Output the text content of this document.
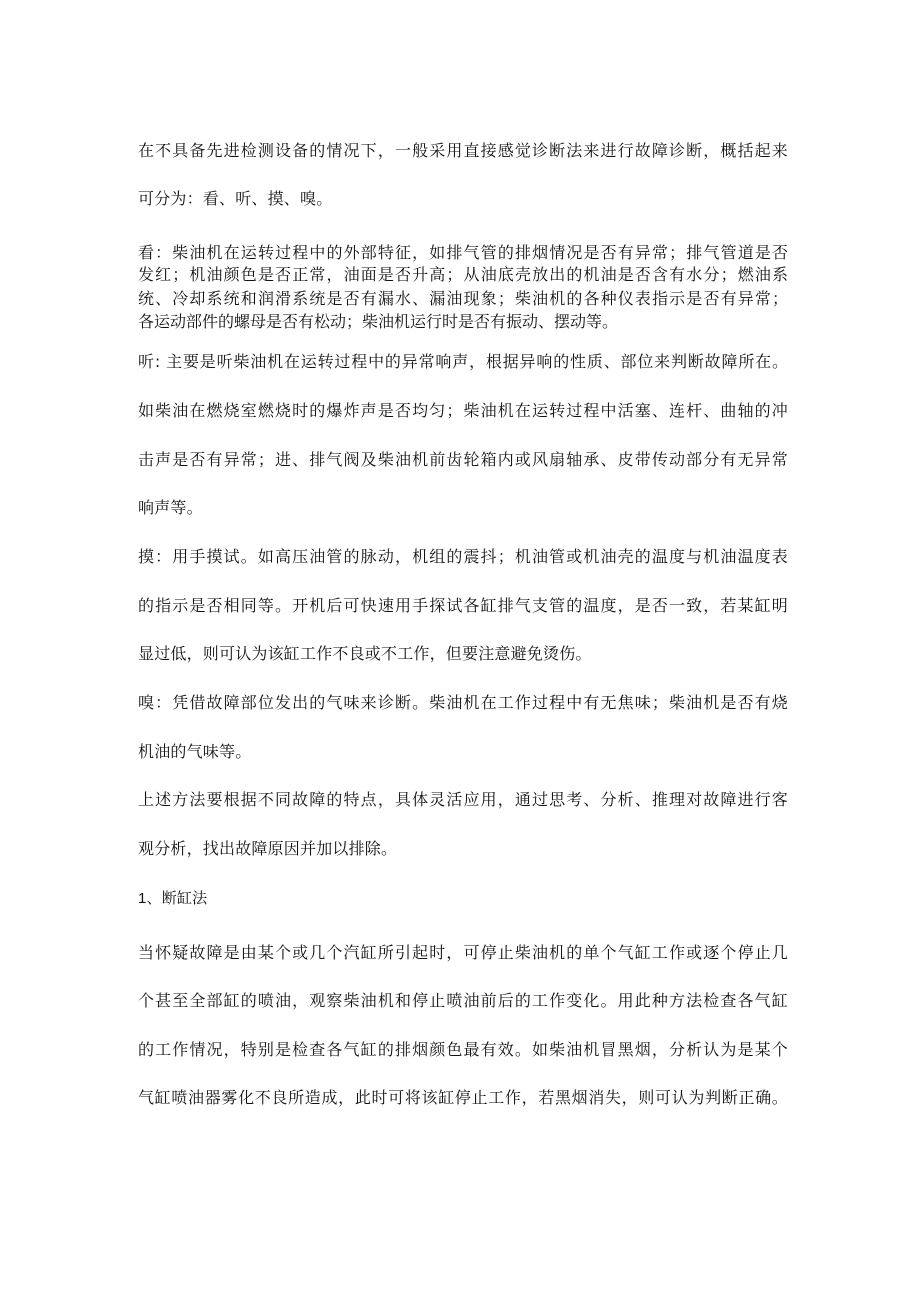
在不具备先进检测设备的情况下，一般采用直接感觉诊断法来进行故障诊断，概括起来
可分为：看、听、摸、嗅。
看：柴油机在运转过程中的外部特征，如排气管的排烟情况是否有异常；排气管道是否
发红；机油颜色是否正常，油面是否升高；从油底壳放出的机油是否含有水分；燃油系
统、冷却系统和润滑系统是否有漏水、漏油现象；柴油机的各种仪表指示是否有异常；
各运动部件的螺母是否有松动；柴油机运行时是否有振动、摆动等。
听: 主要是听柴油机在运转过程中的异常响声，根据异响的性质、部位来判断故障所在。
如柴油在燃烧室燃烧时的爆炸声是否均匀；柴油机在运转过程中活塞、连杆、曲轴的冲
击声是否有异常；进、排气阀及柴油机前齿轮箱内或风扇轴承、皮带传动部分有无异常
响声等。
摸：用手摸试。如高压油管的脉动，机组的震抖；机油管或机油壳的温度与机油温度表
的指示是否相同等。开机后可快速用手探试各缸排气支管的温度，是否一致，若某缸明
显过低，则可认为该缸工作不良或不工作，但要注意避免烫伤。
嗅：凭借故障部位发出的气味来诊断。柴油机在工作过程中有无焦味；柴油机是否有烧
机油的气味等。
上述方法要根据不同故障的特点，具体灵活应用，通过思考、分析、推理对故障进行客
观分析，找出故障原因并加以排除。
1、断缸法
当怀疑故障是由某个或几个汽缸所引起时，可停止柴油机的单个气缸工作或逐个停止几
个甚至全部缸的喷油，观察柴油机和停止喷油前后的工作变化。用此种方法检查各气缸
的工作情况，特别是检查各气缸的排烟颜色最有效。如柴油机冒黑烟，分析认为是某个
气缸喷油器雾化不良所造成，此时可将该缸停止工作，若黑烟消失，则可认为判断正确。
